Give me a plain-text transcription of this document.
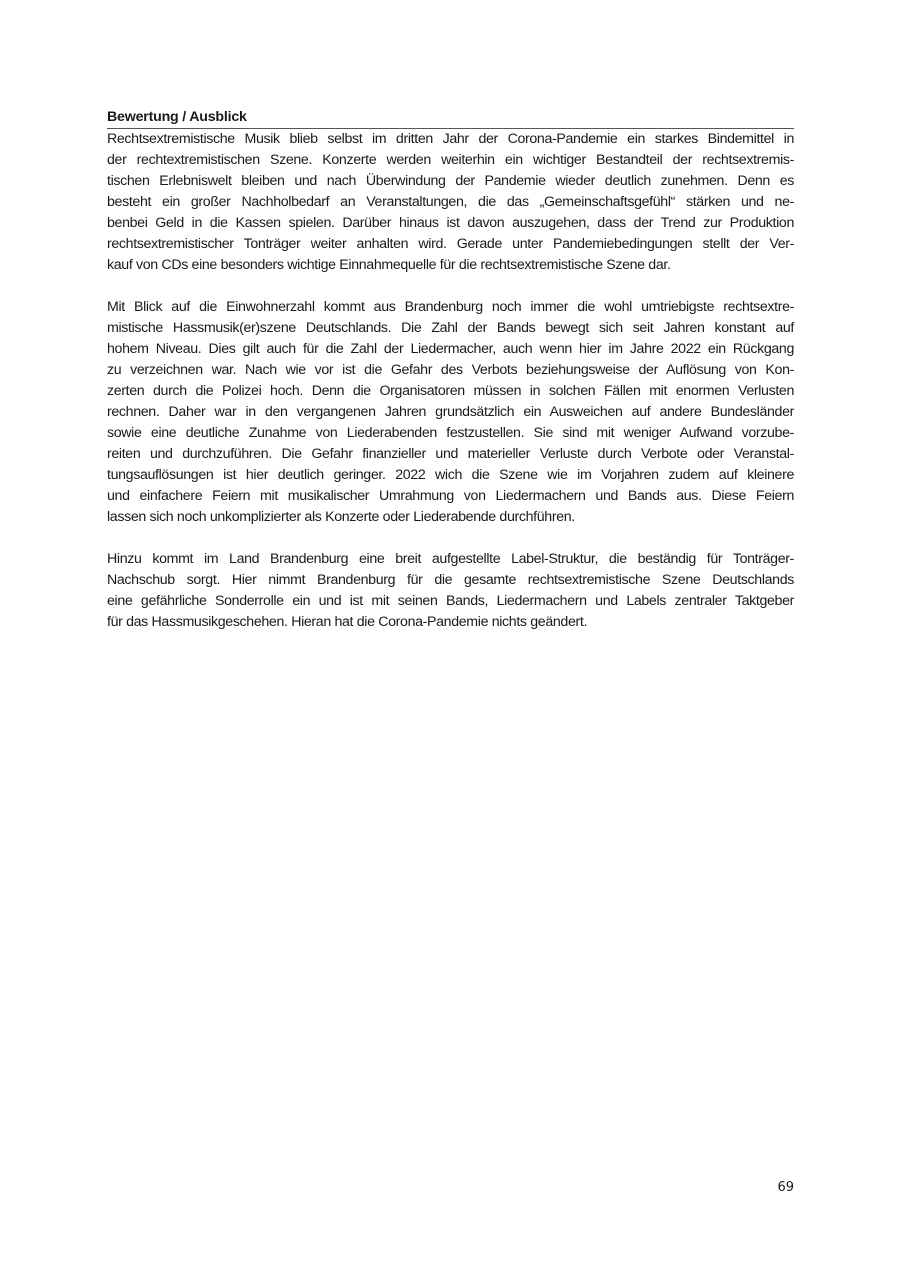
Bewertung / Ausblick

Rechtsextremistische Musik blieb selbst im dritten Jahr der Corona-Pandemie ein starkes Bindemittel in
der rechtextremistischen Szene. Konzerte werden weiterhin ein wichtiger Bestandteil der rechtsextremis-
tischen Erlebniswelt bleiben und nach Überwindung der Pandemie wieder deutlich zunehmen. Denn es
besteht ein großer Nachholbedarf an Veranstaltungen, die das „Gemeinschaftsgefühl“ stärken und ne-
benbei Geld in die Kassen spielen. Darüber hinaus ist davon auszugehen, dass der Trend zur Produktion
rechtsextremistischer Tonträger weiter anhalten wird. Gerade unter Pandemiebedingungen stellt der Ver-
kauf von CDs eine besonders wichtige Einnahmequelle für die rechtsextremistische Szene dar.

Mit Blick auf die Einwohnerzahl kommt aus Brandenburg noch immer die wohl umtriebigste rechtsextre-
mistische Hassmusik(er)szene Deutschlands. Die Zahl der Bands bewegt sich seit Jahren konstant auf
hohem Niveau. Dies gilt auch für die Zahl der Liedermacher, auch wenn hier im Jahre 2022 ein Rückgang
zu verzeichnen war. Nach wie vor ist die Gefahr des Verbots beziehungsweise der Auflösung von Kon-
zerten durch die Polizei hoch. Denn die Organisatoren müssen in solchen Fällen mit enormen Verlusten
rechnen. Daher war in den vergangenen Jahren grundsätzlich ein Ausweichen auf andere Bundesländer
sowie eine deutliche Zunahme von Liederabenden festzustellen. Sie sind mit weniger Aufwand vorzube-
reiten und durchzuführen. Die Gefahr finanzieller und materieller Verluste durch Verbote oder Veranstal-
tungsauflösungen ist hier deutlich geringer. 2022 wich die Szene wie im Vorjahren zudem auf kleinere
und einfachere Feiern mit musikalischer Umrahmung von Liedermachern und Bands aus. Diese Feiern
lassen sich noch unkomplizierter als Konzerte oder Liederabende durchführen.

Hinzu kommt im Land Brandenburg eine breit aufgestellte Label-Struktur, die beständig für Tonträger-
Nachschub sorgt. Hier nimmt Brandenburg für die gesamte rechtsextremistische Szene Deutschlands
eine gefährliche Sonderrolle ein und ist mit seinen Bands, Liedermachern und Labels zentraler Taktgeber
für das Hassmusikgeschehen. Hieran hat die Corona-Pandemie nichts geändert.

69
